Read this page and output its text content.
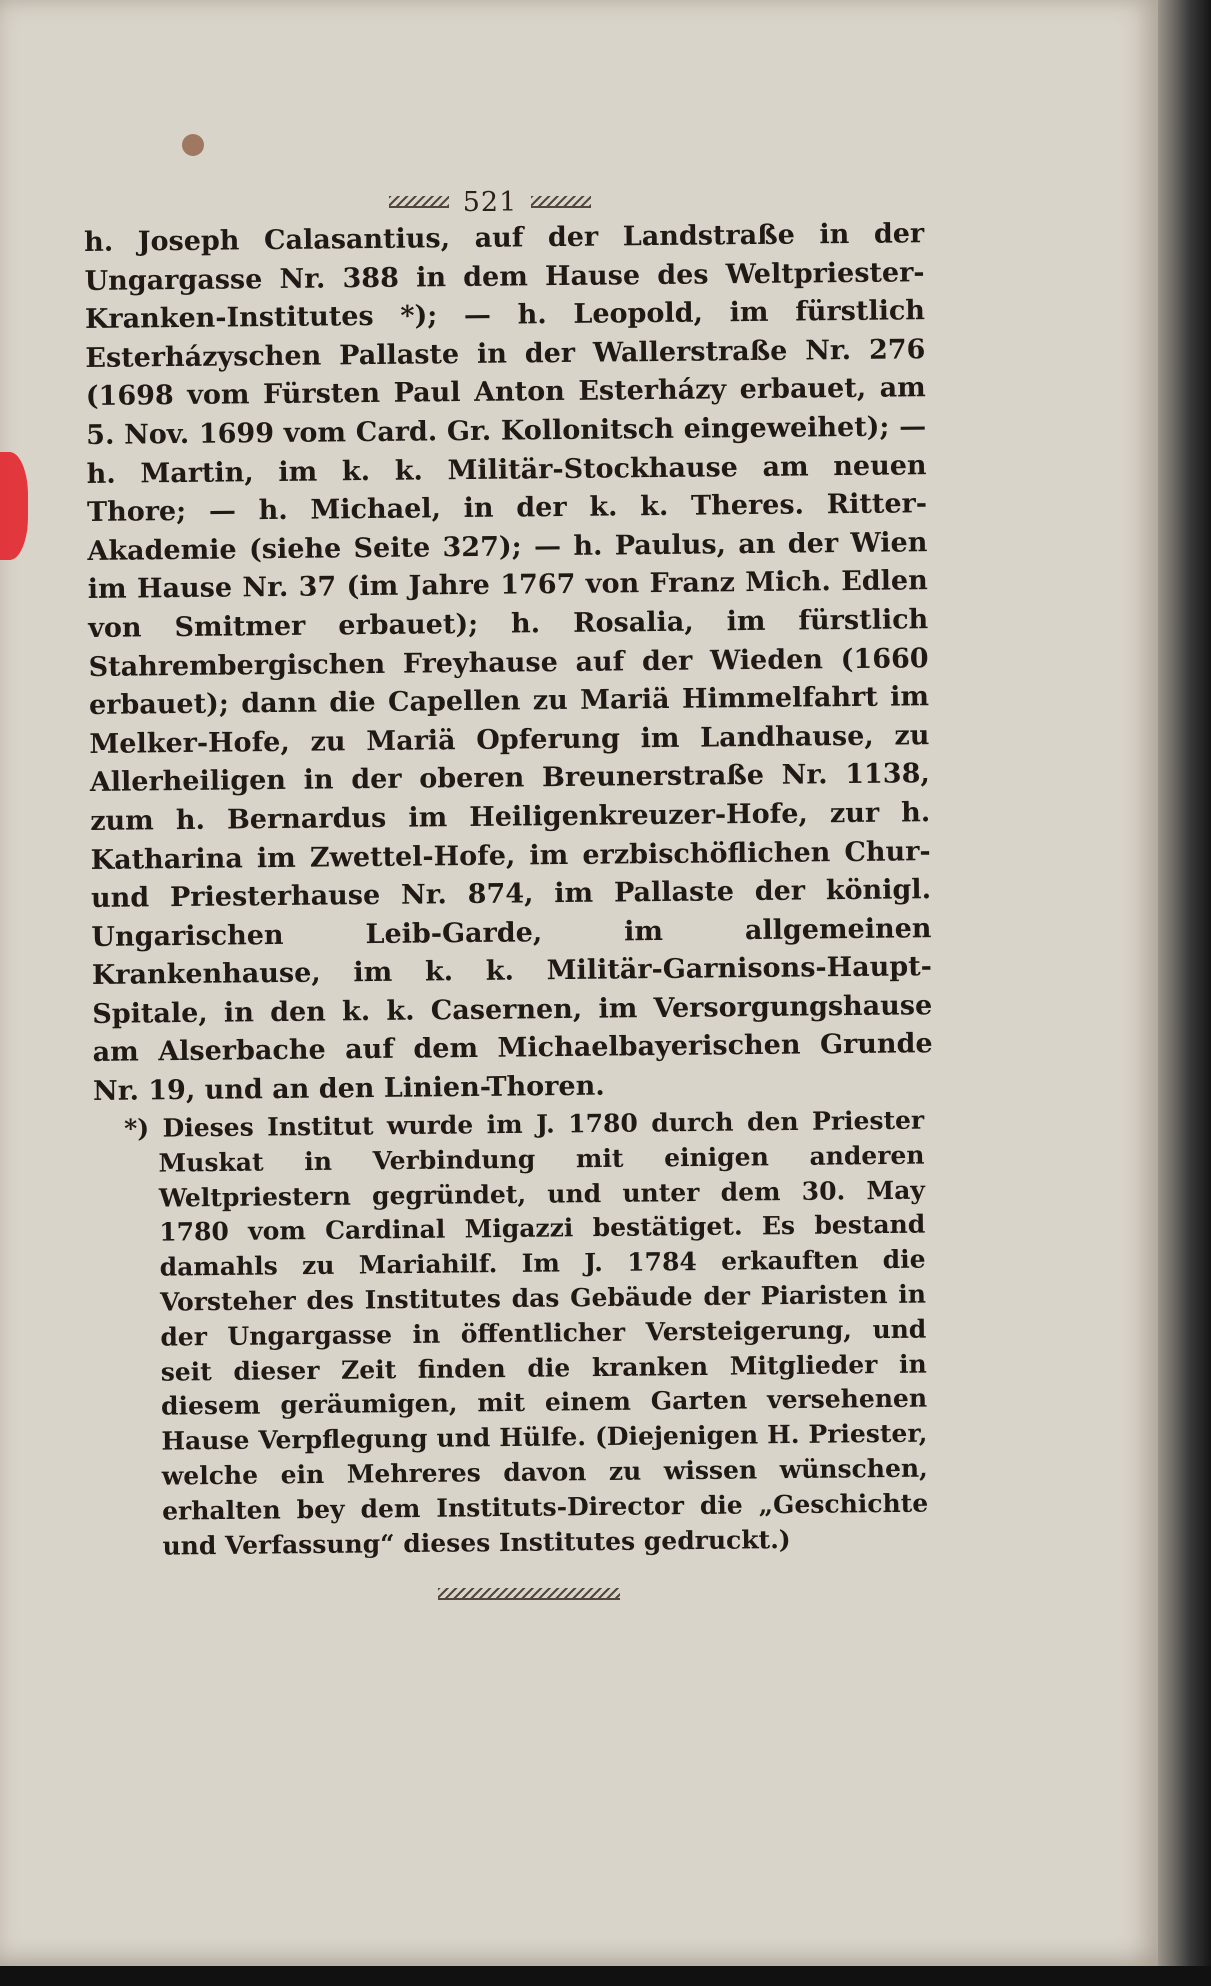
521

h. Joseph Calasantius, auf der Landstraße in der Ungargasse Nr. 388 in dem Hause des Weltpriester-Kranken-Institutes *); — h. Leopold, im fürstlich Esterházyschen Pallaste in der Wallerstraße Nr. 276 (1698 vom Fürsten Paul Anton Esterházy erbauet, am 5. Nov. 1699 vom Card. Gr. Kollonitsch eingeweihet); — h. Martin, im k. k. Militär-Stockhause am neuen Thore; — h. Michael, in der k. k. Theres. Ritter-Akademie (siehe Seite 327); — h. Paulus, an der Wien im Hause Nr. 37 (im Jahre 1767 von Franz Mich. Edlen von Smitmer erbauet); h. Rosalia, im fürstlich Stahrembergischen Freyhause auf der Wieden (1660 erbauet); dann die Capellen zu Mariä Himmelfahrt im Melker-Hofe, zu Mariä Opferung im Landhause, zu Allerheiligen in der oberen Breunerstraße Nr. 1138, zum h. Bernardus im Heiligenkreuzer-Hofe, zur h. Katharina im Zwettel-Hofe, im erzbischöflichen Chur- und Priesterhause Nr. 874, im Pallaste der königl. Ungarischen Leib-Garde, im allgemeinen Krankenhause, im k. k. Militär-Garnisons-Haupt-Spitale, in den k. k. Casernen, im Versorgungshause am Alserbache auf dem Michaelbayerischen Grunde Nr. 19, und an den Linien-Thoren.

*) Dieses Institut wurde im J. 1780 durch den Priester Muskat in Verbindung mit einigen anderen Weltpriestern gegründet, und unter dem 30. May 1780 vom Cardinal Migazzi bestätiget. Es bestand damahls zu Mariahilf. Im J. 1784 erkauften die Vorsteher des Institutes das Gebäude der Piaristen in der Ungargasse in öffentlicher Versteigerung, und seit dieser Zeit finden die kranken Mitglieder in diesem geräumigen, mit einem Garten versehenen Hause Verpflegung und Hülfe. (Diejenigen H. Priester, welche ein Mehreres davon zu wissen wünschen, erhalten bey dem Instituts-Director die „Geschichte und Verfassung“ dieses Institutes gedruckt.)
